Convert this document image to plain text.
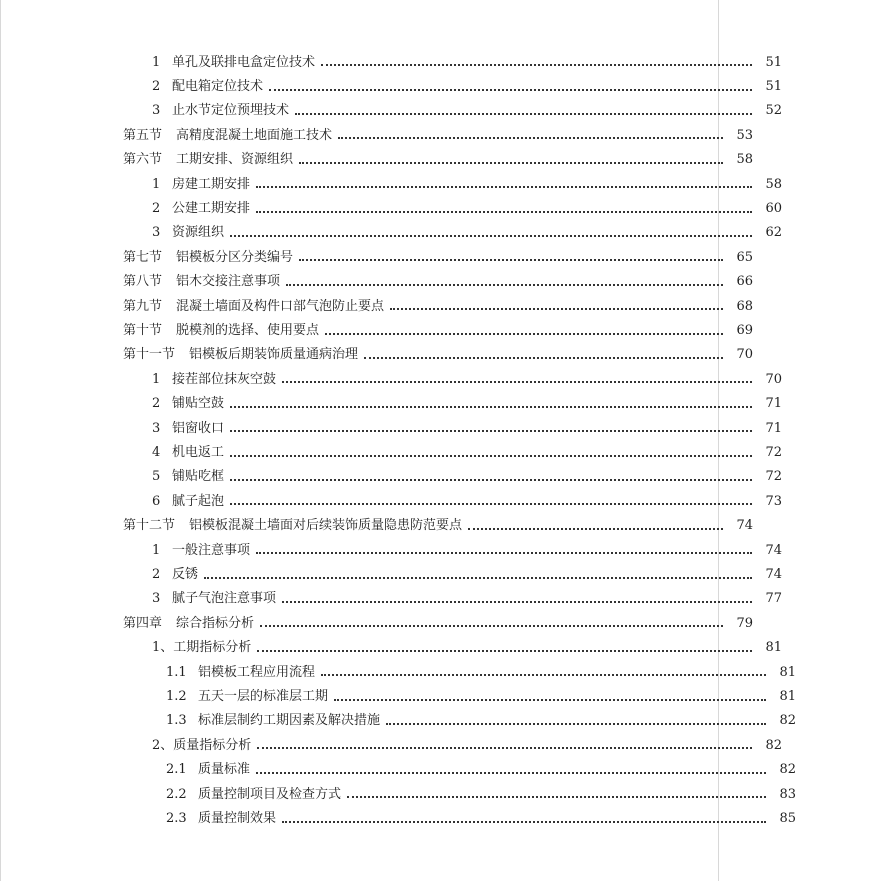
1 单孔及联排电盒定位技术	51
2 配电箱定位技术	51
3 止水节定位预埋技术	52
第五节 高精度混凝土地面施工技术	53
第六节 工期安排、资源组织	58
1 房建工期安排	58
2 公建工期安排	60
3 资源组织	62
第七节 铝模板分区分类编号	65
第八节 铝木交接注意事项	66
第九节 混凝土墙面及构件口部气泡防止要点	68
第十节 脱模剂的选择、使用要点	69
第十一节 铝模板后期装饰质量通病治理	70
1 接茬部位抹灰空鼓	70
2 铺贴空鼓	71
3 铝窗收口	71
4 机电返工	72
5 铺贴吃框	72
6 腻子起泡	73
第十二节 铝模板混凝土墙面对后续装饰质量隐患防范要点	74
1 一般注意事项	74
2 反锈	74
3 腻子气泡注意事项	77
第四章 综合指标分析	79
1、工期指标分析	81
1.1 铝模板工程应用流程	81
1.2 五天一层的标准层工期	81
1.3 标准层制约工期因素及解决措施	82
2、质量指标分析	82
2.1 质量标准	82
2.2 质量控制项目及检查方式	83
2.3 质量控制效果	85
